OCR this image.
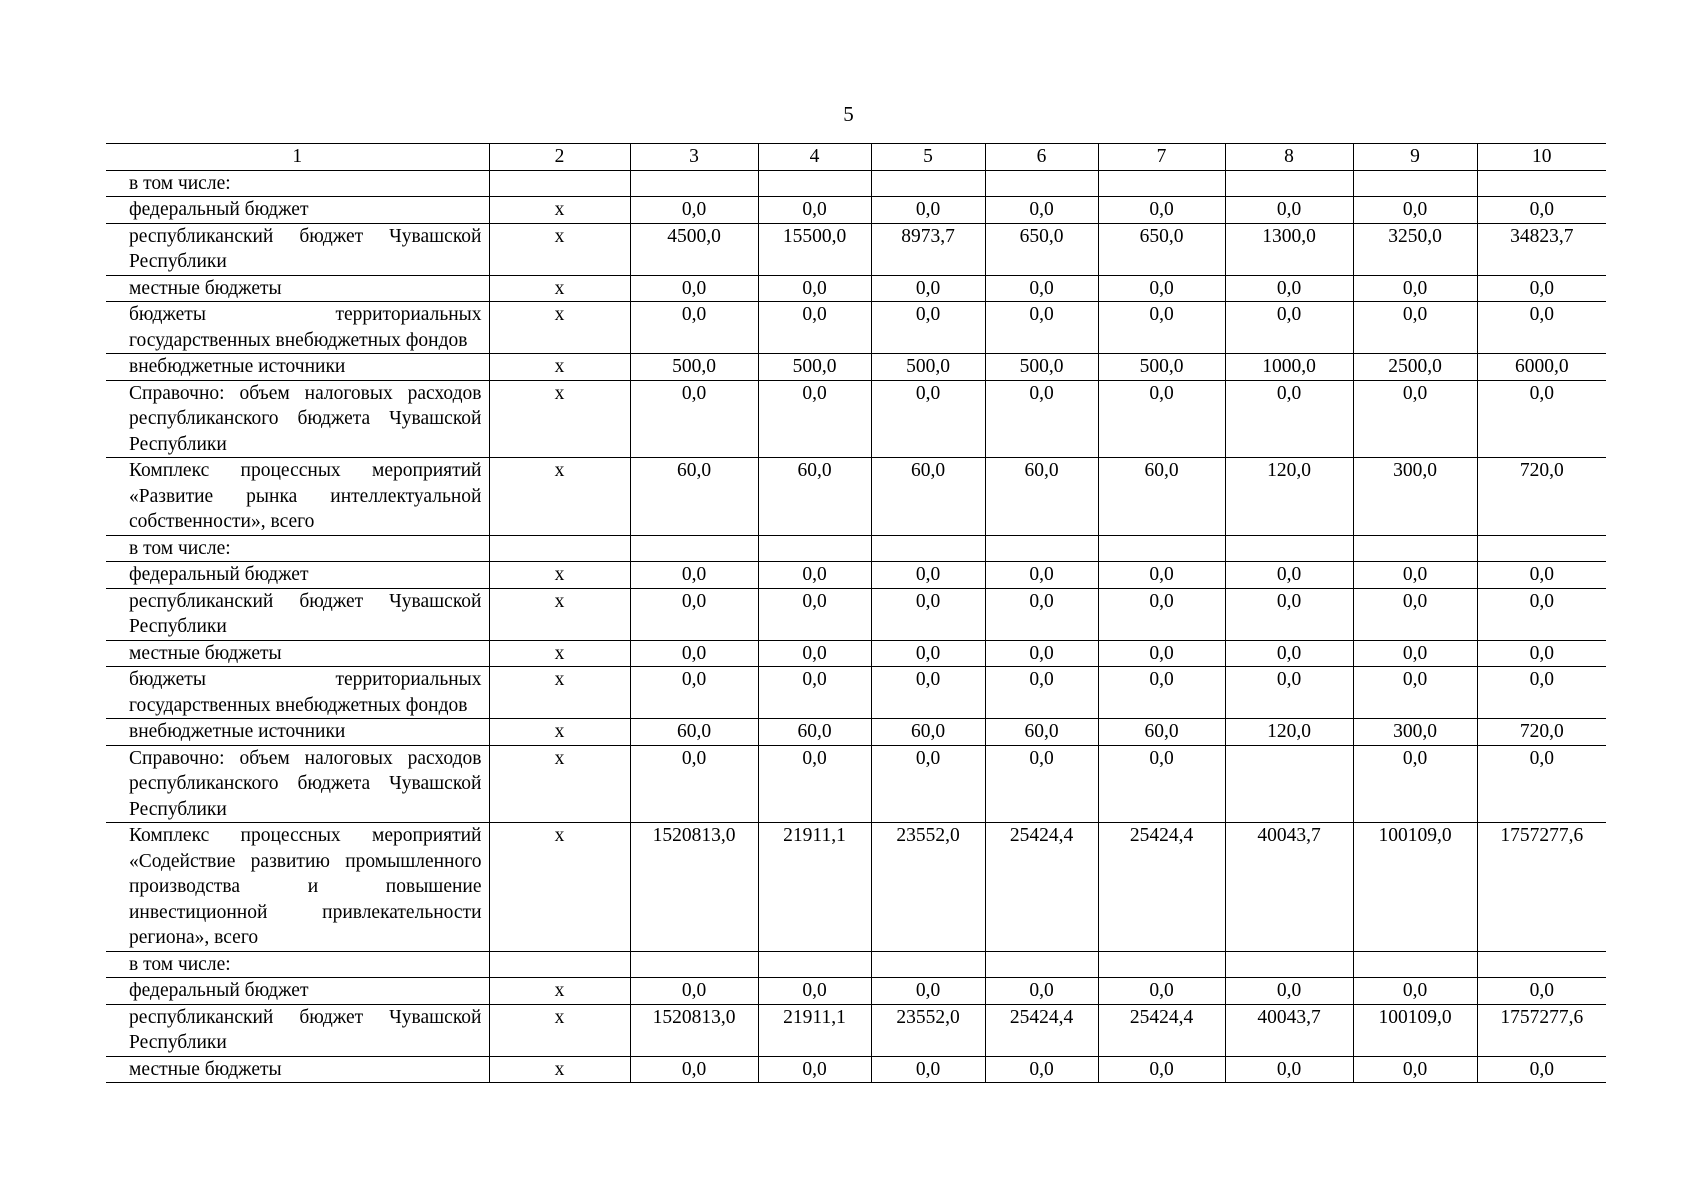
5
1	2	3	4	5	6	7	8	9	10
в том числе:									
федеральный бюджет	х	0,0	0,0	0,0	0,0	0,0	0,0	0,0	0,0
республиканский бюджет Чувашской Республики	х	4500,0	15500,0	8973,7	650,0	650,0	1300,0	3250,0	34823,7
местные бюджеты	х	0,0	0,0	0,0	0,0	0,0	0,0	0,0	0,0
бюджеты территориальных государственных внебюджетных фондов	х	0,0	0,0	0,0	0,0	0,0	0,0	0,0	0,0
внебюджетные источники	х	500,0	500,0	500,0	500,0	500,0	1000,0	2500,0	6000,0
Справочно: объем налоговых расходов республиканского бюджета Чувашской Республики	х	0,0	0,0	0,0	0,0	0,0	0,0	0,0	0,0
Комплекс процессных мероприятий «Развитие рынка интеллектуальной собственности», всего	х	60,0	60,0	60,0	60,0	60,0	120,0	300,0	720,0
в том числе:									
федеральный бюджет	х	0,0	0,0	0,0	0,0	0,0	0,0	0,0	0,0
республиканский бюджет Чувашской Республики	х	0,0	0,0	0,0	0,0	0,0	0,0	0,0	0,0
местные бюджеты	х	0,0	0,0	0,0	0,0	0,0	0,0	0,0	0,0
бюджеты территориальных государственных внебюджетных фондов	х	0,0	0,0	0,0	0,0	0,0	0,0	0,0	0,0
внебюджетные источники	х	60,0	60,0	60,0	60,0	60,0	120,0	300,0	720,0
Справочно: объем налоговых расходов республиканского бюджета Чувашской Республики	х	0,0	0,0	0,0	0,0	0,0		0,0	0,0
Комплекс процессных мероприятий «Содействие развитию промышленного производства и повышение инвестиционной привлекательности региона», всего	х	1520813,0	21911,1	23552,0	25424,4	25424,4	40043,7	100109,0	1757277,6
в том числе:									
федеральный бюджет	х	0,0	0,0	0,0	0,0	0,0	0,0	0,0	0,0
республиканский бюджет Чувашской Республики	х	1520813,0	21911,1	23552,0	25424,4	25424,4	40043,7	100109,0	1757277,6
местные бюджеты	х	0,0	0,0	0,0	0,0	0,0	0,0	0,0	0,0
